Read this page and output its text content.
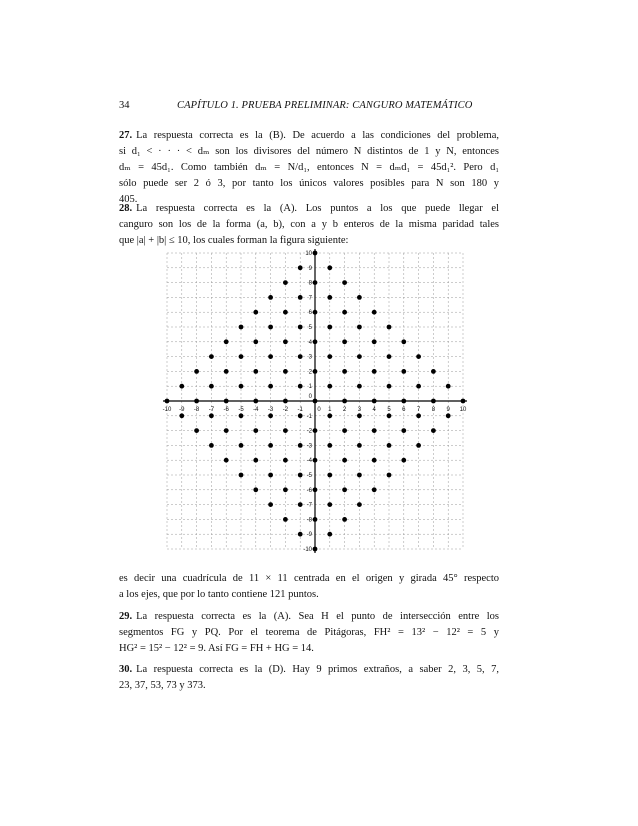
34	CAPÍTULO 1. PRUEBA PRELIMINAR: CANGURO MATEMÁTICO
27. La respuesta correcta es la (B). De acuerdo a las condiciones del problema,
si d₁ < · · · < dₘ son los divisores del número N distintos de 1 y N, entonces
dₘ = 45d₁. Como también dₘ = N/d₁, entonces N = dₘd₁ = 45d₁². Pero d₁
sólo puede ser 2 ó 3, por tanto los únicos valores posibles para N son 180 y
405.
28. La respuesta correcta es la (A). Los puntos a los que puede llegar el
canguro son los de la forma (a, b), con a y b enteros de la misma paridad tales
que |a| + |b| ≤ 10, los cuales forman la figura siguiente:
-10 -9 -8 -7 -6 -5 -4 -3 -2 -1 0 1 2 3 4 5 6 7 8 9 10
10
9
8
7
6
5
4
3
2
1
0
-1
-2
-3
-4
-5
-6
-7
-8
-9
-10
es decir una cuadrícula de 11 × 11 centrada en el origen y girada 45° respecto
a los ejes, que por lo tanto contiene 121 puntos.
29. La respuesta correcta es la (A). Sea H el punto de intersección entre los
segmentos FG y PQ. Por el teorema de Pitágoras, FH² = 13² − 12² = 5 y
HG² = 15² − 12² = 9. Así FG = FH + HG = 14.
30. La respuesta correcta es la (D). Hay 9 primos extraños, a saber 2, 3, 5, 7,
23, 37, 53, 73 y 373.
